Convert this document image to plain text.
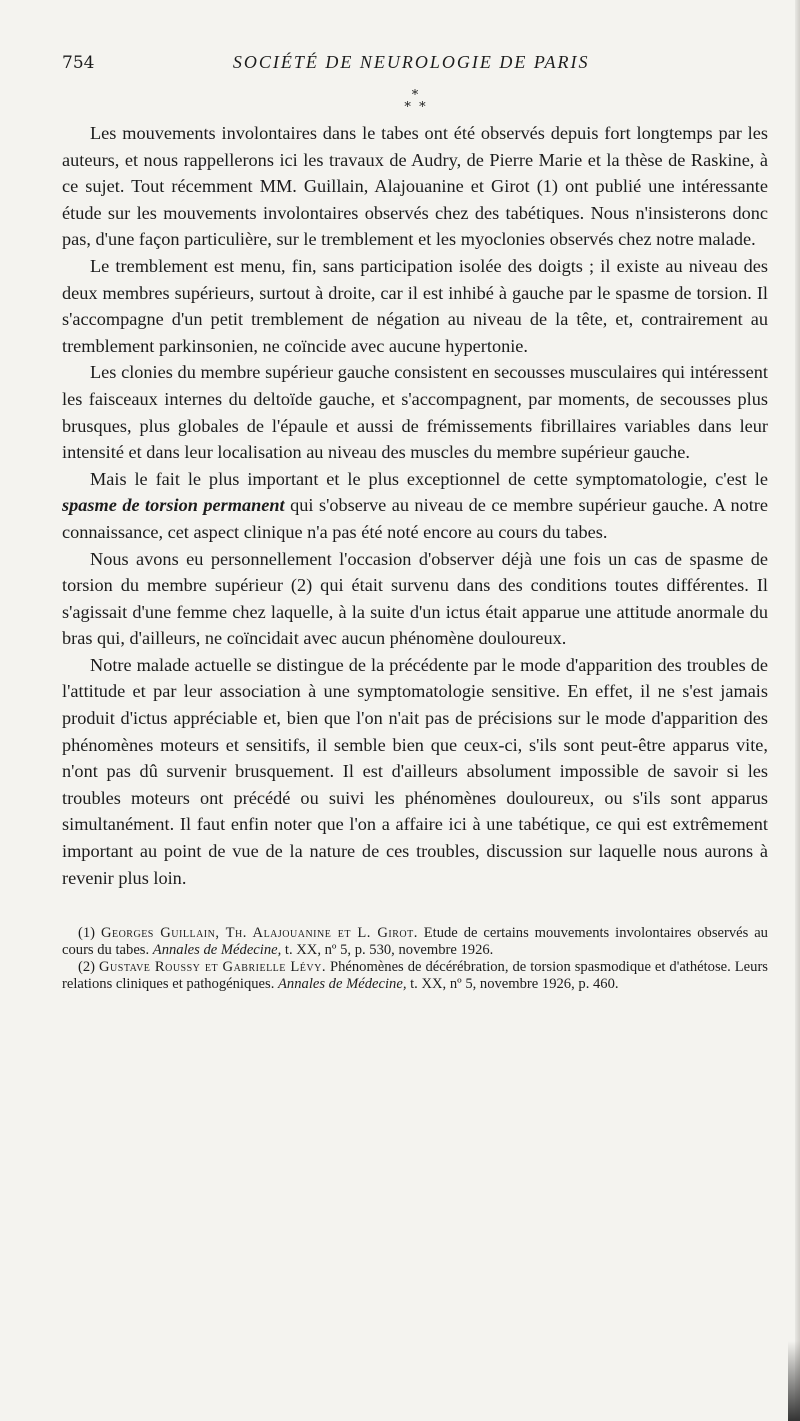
754	SOCIÉTÉ DE NEUROLOGIE DE PARIS
*
* *

Les mouvements involontaires dans le tabes ont été observés depuis fort longtemps par les auteurs, et nous rappellerons ici les travaux de Audry, de Pierre Marie et la thèse de Raskine, à ce sujet. Tout récemment MM. Guillain, Alajouanine et Girot (1) ont publié une intéressante étude sur les mouvements involontaires observés chez des tabétiques. Nous n'insisterons donc pas, d'une façon particulière, sur le tremblement et les myoclonies observés chez notre malade.

Le tremblement est menu, fin, sans participation isolée des doigts ; il existe au niveau des deux membres supérieurs, surtout à droite, car il est inhibé à gauche par le spasme de torsion. Il s'accompagne d'un petit tremblement de négation au niveau de la tête, et, contrairement au tremblement parkinsonien, ne coïncide avec aucune hypertonie.

Les clonies du membre supérieur gauche consistent en secousses musculaires qui intéressent les faisceaux internes du deltoïde gauche, et s'accompagnent, par moments, de secousses plus brusques, plus globales de l'épaule et aussi de frémissements fibrillaires variables dans leur intensité et dans leur localisation au niveau des muscles du membre supérieur gauche.

Mais le fait le plus important et le plus exceptionnel de cette symptomatologie, c'est le spasme de torsion permanent qui s'observe au niveau de ce membre supérieur gauche. A notre connaissance, cet aspect clinique n'a pas été noté encore au cours du tabes.

Nous avons eu personnellement l'occasion d'observer déjà une fois un cas de spasme de torsion du membre supérieur (2) qui était survenu dans des conditions toutes différentes. Il s'agissait d'une femme chez laquelle, à la suite d'un ictus était apparue une attitude anormale du bras qui, d'ailleurs, ne coïncidait avec aucun phénomène douloureux.

Notre malade actuelle se distingue de la précédente par le mode d'apparition des troubles de l'attitude et par leur association à une symptomatologie sensitive. En effet, il ne s'est jamais produit d'ictus appréciable et, bien que l'on n'ait pas de précisions sur le mode d'apparition des phénomènes moteurs et sensitifs, il semble bien que ceux-ci, s'ils sont peut-être apparus vite, n'ont pas dû survenir brusquement. Il est d'ailleurs absolument impossible de savoir si les troubles moteurs ont précédé ou suivi les phénomènes douloureux, ou s'ils sont apparus simultanément. Il faut enfin noter que l'on a affaire ici à une tabétique, ce qui est extrêmement important au point de vue de la nature de ces troubles, discussion sur laquelle nous aurons à revenir plus loin.

(1) Georges Guillain, Th. Alajouanine et L. Girot. Etude de certains mouvements involontaires observés au cours du tabes. Annales de Médecine, t. XX, nº 5, p. 530, novembre 1926.

(2) Gustave Roussy et Gabrielle Lévy. Phénomènes de décérébration, de torsion spasmodique et d'athétose. Leurs relations cliniques et pathogéniques. Annales de Médecine, t. XX, nº 5, novembre 1926, p. 460.
